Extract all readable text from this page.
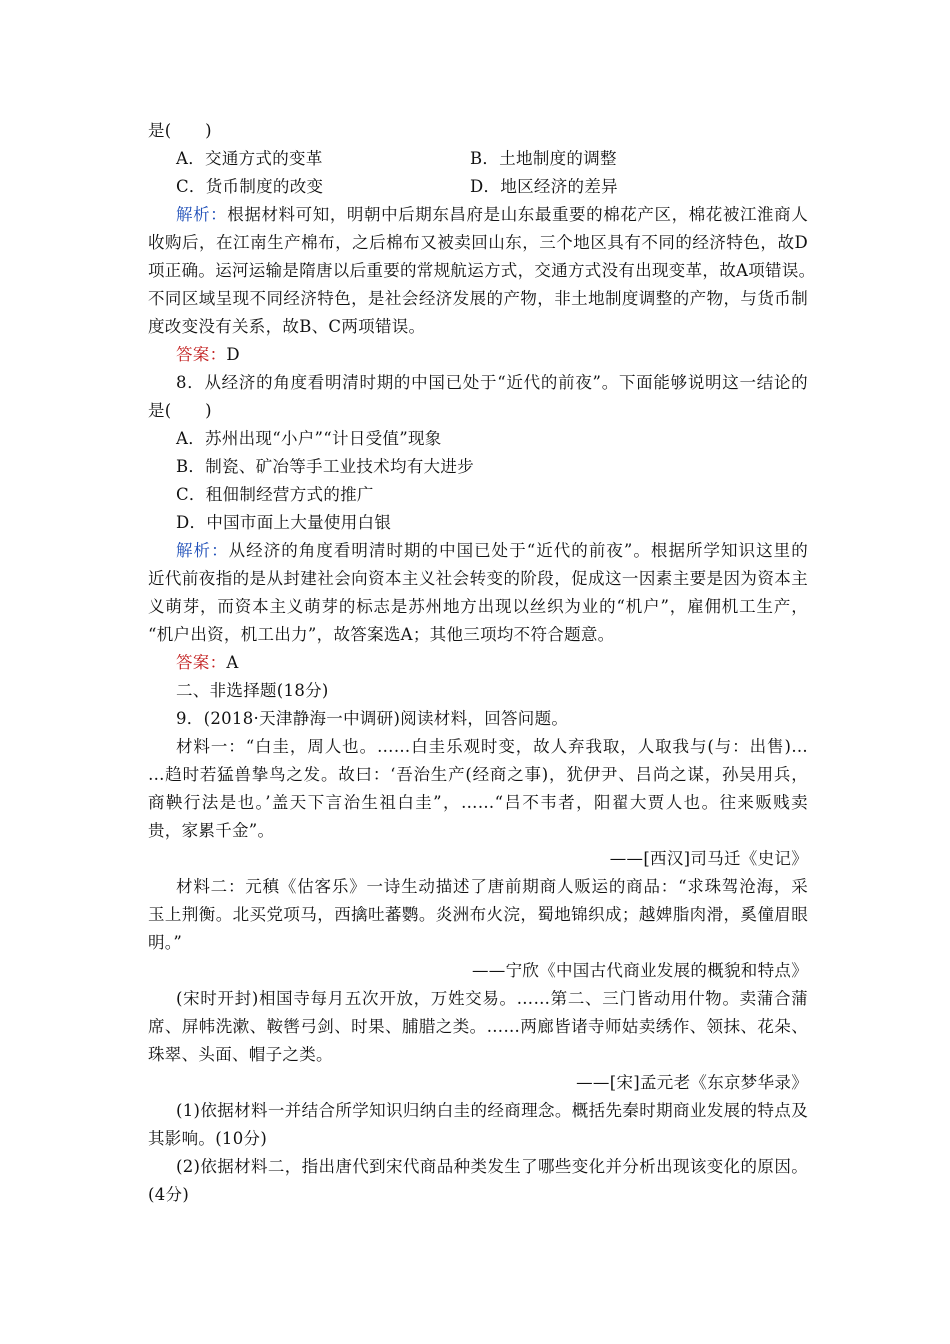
是(　　)
A．交通方式的变革	B．土地制度的调整
C．货币制度的改变	D．地区经济的差异
解析：根据材料可知，明朝中后期东昌府是山东最重要的棉花产区，棉花被江淮商人
收购后，在江南生产棉布，之后棉布又被卖回山东，三个地区具有不同的经济特色，故D
项正确。运河运输是隋唐以后重要的常规航运方式，交通方式没有出现变革，故A项错误。
不同区域呈现不同经济特色，是社会经济发展的产物，非土地制度调整的产物，与货币制
度改变没有关系，故B、C两项错误。
答案：D
8．从经济的角度看明清时期的中国已处于“近代的前夜”。下面能够说明这一结论的
是(　　)
A．苏州出现“小户”“计日受值”现象
B．制瓷、矿冶等手工业技术均有大进步
C．租佃制经营方式的推广
D．中国市面上大量使用白银
解析：从经济的角度看明清时期的中国已处于“近代的前夜”。根据所学知识这里的
近代前夜指的是从封建社会向资本主义社会转变的阶段，促成这一因素主要是因为资本主
义萌芽，而资本主义萌芽的标志是苏州地方出现以丝织为业的“机户”，雇佣机工生产，
“机户出资，机工出力”，故答案选A；其他三项均不符合题意。
答案：A
二、非选择题(18分)
9．(2018·天津静海一中调研)阅读材料，回答问题。
材料一：“白圭，周人也。……白圭乐观时变，故人弃我取，人取我与(与：出售)…
…趋时若猛兽挚鸟之发。故曰：‘吾治生产(经商之事)，犹伊尹、吕尚之谋，孙吴用兵，
商鞅行法是也。’盖天下言治生祖白圭”，……“吕不韦者，阳翟大贾人也。往来贩贱卖
贵，家累千金”。
——[西汉]司马迁《史记》
材料二：元稹《估客乐》一诗生动描述了唐前期商人贩运的商品：“求珠驾沧海，采
玉上荆衡。北买党项马，西擒吐蕃鹦。炎洲布火浣，蜀地锦织成；越婢脂肉滑，奚僮眉眼
明。”
——宁欣《中国古代商业发展的概貌和特点》
(宋时开封)相国寺每月五次开放，万姓交易。……第二、三门皆动用什物。卖蒲合蒲
席、屏帏洗漱、鞍辔弓剑、时果、脯腊之类。……两廊皆诸寺师姑卖绣作、领抹、花朵、
珠翠、头面、帽子之类。
——[宋]孟元老《东京梦华录》
(1)依据材料一并结合所学知识归纳白圭的经商理念。概括先秦时期商业发展的特点及
其影响。(10分)
(2)依据材料二，指出唐代到宋代商品种类发生了哪些变化并分析出现该变化的原因。
(4分)
